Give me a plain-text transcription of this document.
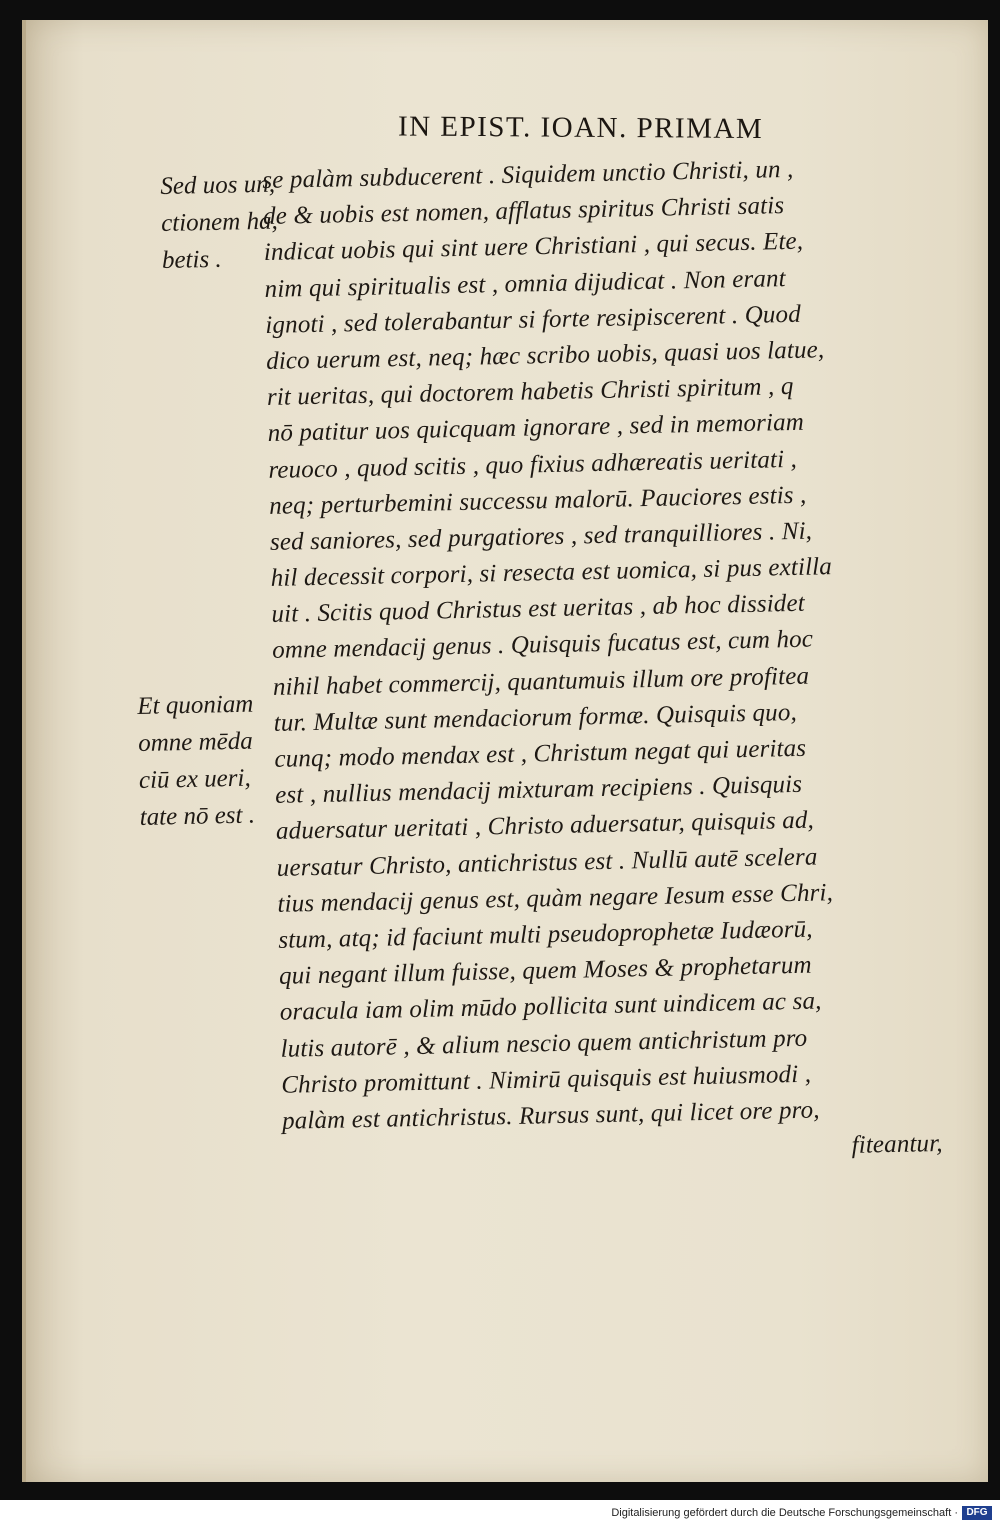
IN EPIST. IOAN. PRIMAM
Sed uos un,
ctionem ha,
betis .
Et quoniam
omne mēda
ciū ex ueri,
tate nō est .
se palàm subducerent . Siquidem unctio Christi, un ,
de & uobis est nomen, afflatus spiritus Christi satis
indicat uobis qui sint uere Christiani , qui secus. Ete,
nim qui spiritualis est , omnia dijudicat . Non erant
ignoti , sed tolerabantur si forte resipiscerent . Quod
dico uerum est, neq; hæc scribo uobis, quasi uos latue,
rit ueritas, qui doctorem habetis Christi spiritum , q
nō patitur uos quicquam ignorare , sed in memoriam
reuoco , quod scitis , quo fixius adhæreatis ueritati ,
neq; perturbemini successu malorū. Pauciores estis ,
sed saniores, sed purgatiores , sed tranquilliores . Ni,
hil decessit corpori, si resecta est uomica, si pus extilla
uit . Scitis quod Christus est ueritas , ab hoc dissidet
omne mendacij genus . Quisquis fucatus est, cum hoc
nihil habet commercij, quantumuis illum ore profitea
tur. Multæ sunt mendaciorum formæ. Quisquis quo,
cunq; modo mendax est , Christum negat qui ueritas
est , nullius mendacij mixturam recipiens . Quisquis
aduersatur ueritati , Christo aduersatur, quisquis ad,
uersatur Christo, antichristus est . Nullū autē scelera
tius mendacij genus est, quàm negare Iesum esse Chri,
stum, atq; id faciunt multi pseudoprophetæ Iudæorū,
qui negant illum fuisse, quem Moses & prophetarum
oracula iam olim mūdo pollicita sunt uindicem ac sa,
lutis autorē , & alium nescio quem antichristum pro
Christo promittunt . Nimirū quisquis est huiusmodi ,
palàm est antichristus. Rursus sunt, qui licet ore pro,
fiteantur,
Digitalisierung gefördert durch die Deutsche Forschungsgemeinschaft · DFG
